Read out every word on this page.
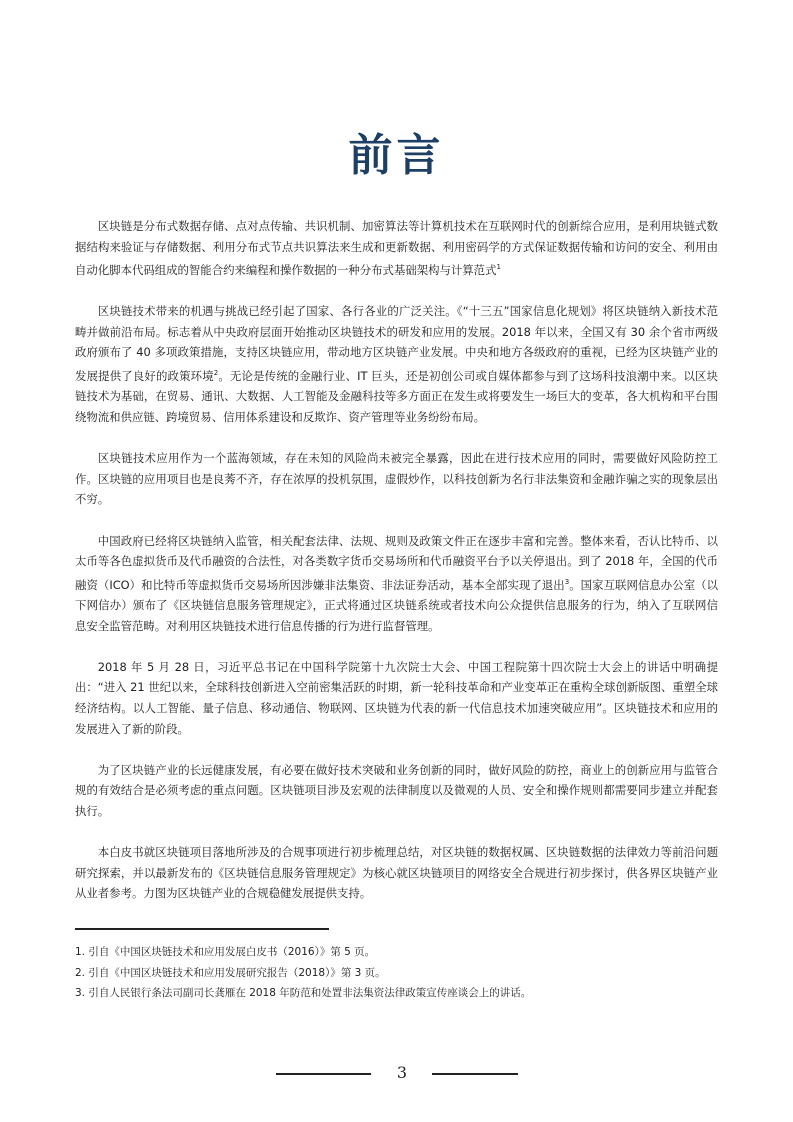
前言

区块链是分布式数据存储、点对点传输、共识机制、加密算法等计算机技术在互联网时代的创新综合应用，是利用块链式数据结构来验证与存储数据、利用分布式节点共识算法来生成和更新数据、利用密码学的方式保证数据传输和访问的安全、利用由自动化脚本代码组成的智能合约来编程和操作数据的一种分布式基础架构与计算范式$^1$

区块链技术带来的机遇与挑战已经引起了国家、各行各业的广泛关注。《“十三五”国家信息化规划》将区块链纳入新技术范畴并做前沿布局。标志着从中央政府层面开始推动区块链技术的研发和应用的发展。2018 年以来，全国又有 30 余个省市两级政府颁布了 40 多项政策措施，支持区块链应用，带动地方区块链产业发展。中央和地方各级政府的重视，已经为区块链产业的发展提供了良好的政策环境$^2$。无论是传统的金融行业、IT 巨头，还是初创公司或自媒体都参与到了这场科技浪潮中来。以区块链技术为基础，在贸易、通讯、大数据、人工智能及金融科技等多方面正在发生或将要发生一场巨大的变革，各大机构和平台围绕物流和供应链、跨境贸易、信用体系建设和反欺诈、资产管理等业务纷纷布局。

区块链技术应用作为一个蓝海领域，存在未知的风险尚未被完全暴露，因此在进行技术应用的同时，需要做好风险防控工作。区块链的应用项目也是良莠不齐，存在浓厚的投机氛围，虚假炒作，以科技创新为名行非法集资和金融诈骗之实的现象层出不穷。

中国政府已经将区块链纳入监管，相关配套法律、法规、规则及政策文件正在逐步丰富和完善。整体来看，否认比特币、以太币等各色虚拟货币及代币融资的合法性，对各类数字货币交易场所和代币融资平台予以关停退出。到了 2018 年，全国的代币融资（ICO）和比特币等虚拟货币交易场所因涉嫌非法集资、非法证券活动，基本全部实现了退出$^3$。国家互联网信息办公室（以下网信办）颁布了《区块链信息服务管理规定》，正式将通过区块链系统或者技术向公众提供信息服务的行为，纳入了互联网信息安全监管范畴。对利用区块链技术进行信息传播的行为进行监督管理。

2018 年 5 月 28 日，习近平总书记在中国科学院第十九次院士大会、中国工程院第十四次院士大会上的讲话中明确提出：“进入 21 世纪以来，全球科技创新进入空前密集活跃的时期，新一轮科技革命和产业变革正在重构全球创新版图、重塑全球经济结构。以人工智能、量子信息、移动通信、物联网、区块链为代表的新一代信息技术加速突破应用”。区块链技术和应用的发展进入了新的阶段。

为了区块链产业的长远健康发展，有必要在做好技术突破和业务创新的同时，做好风险的防控，商业上的创新应用与监管合规的有效结合是必须考虑的重点问题。区块链项目涉及宏观的法律制度以及微观的人员、安全和操作规则都需要同步建立并配套执行。

本白皮书就区块链项目落地所涉及的合规事项进行初步梳理总结，对区块链的数据权属、区块链数据的法律效力等前沿问题研究探索，并以最新发布的《区块链信息服务管理规定》为核心就区块链项目的网络安全合规进行初步探讨，供各界区块链产业从业者参考。力图为区块链产业的合规稳健发展提供支持。

1. 引自《中国区块链技术和应用发展白皮书（2016）》第 5 页。

2. 引自《中国区块链技术和应用发展研究报告（2018）》第 3 页。

3. 引自人民银行条法司副司长龚雁在 2018 年防范和处置非法集资法律政策宣传座谈会上的讲话。

3
